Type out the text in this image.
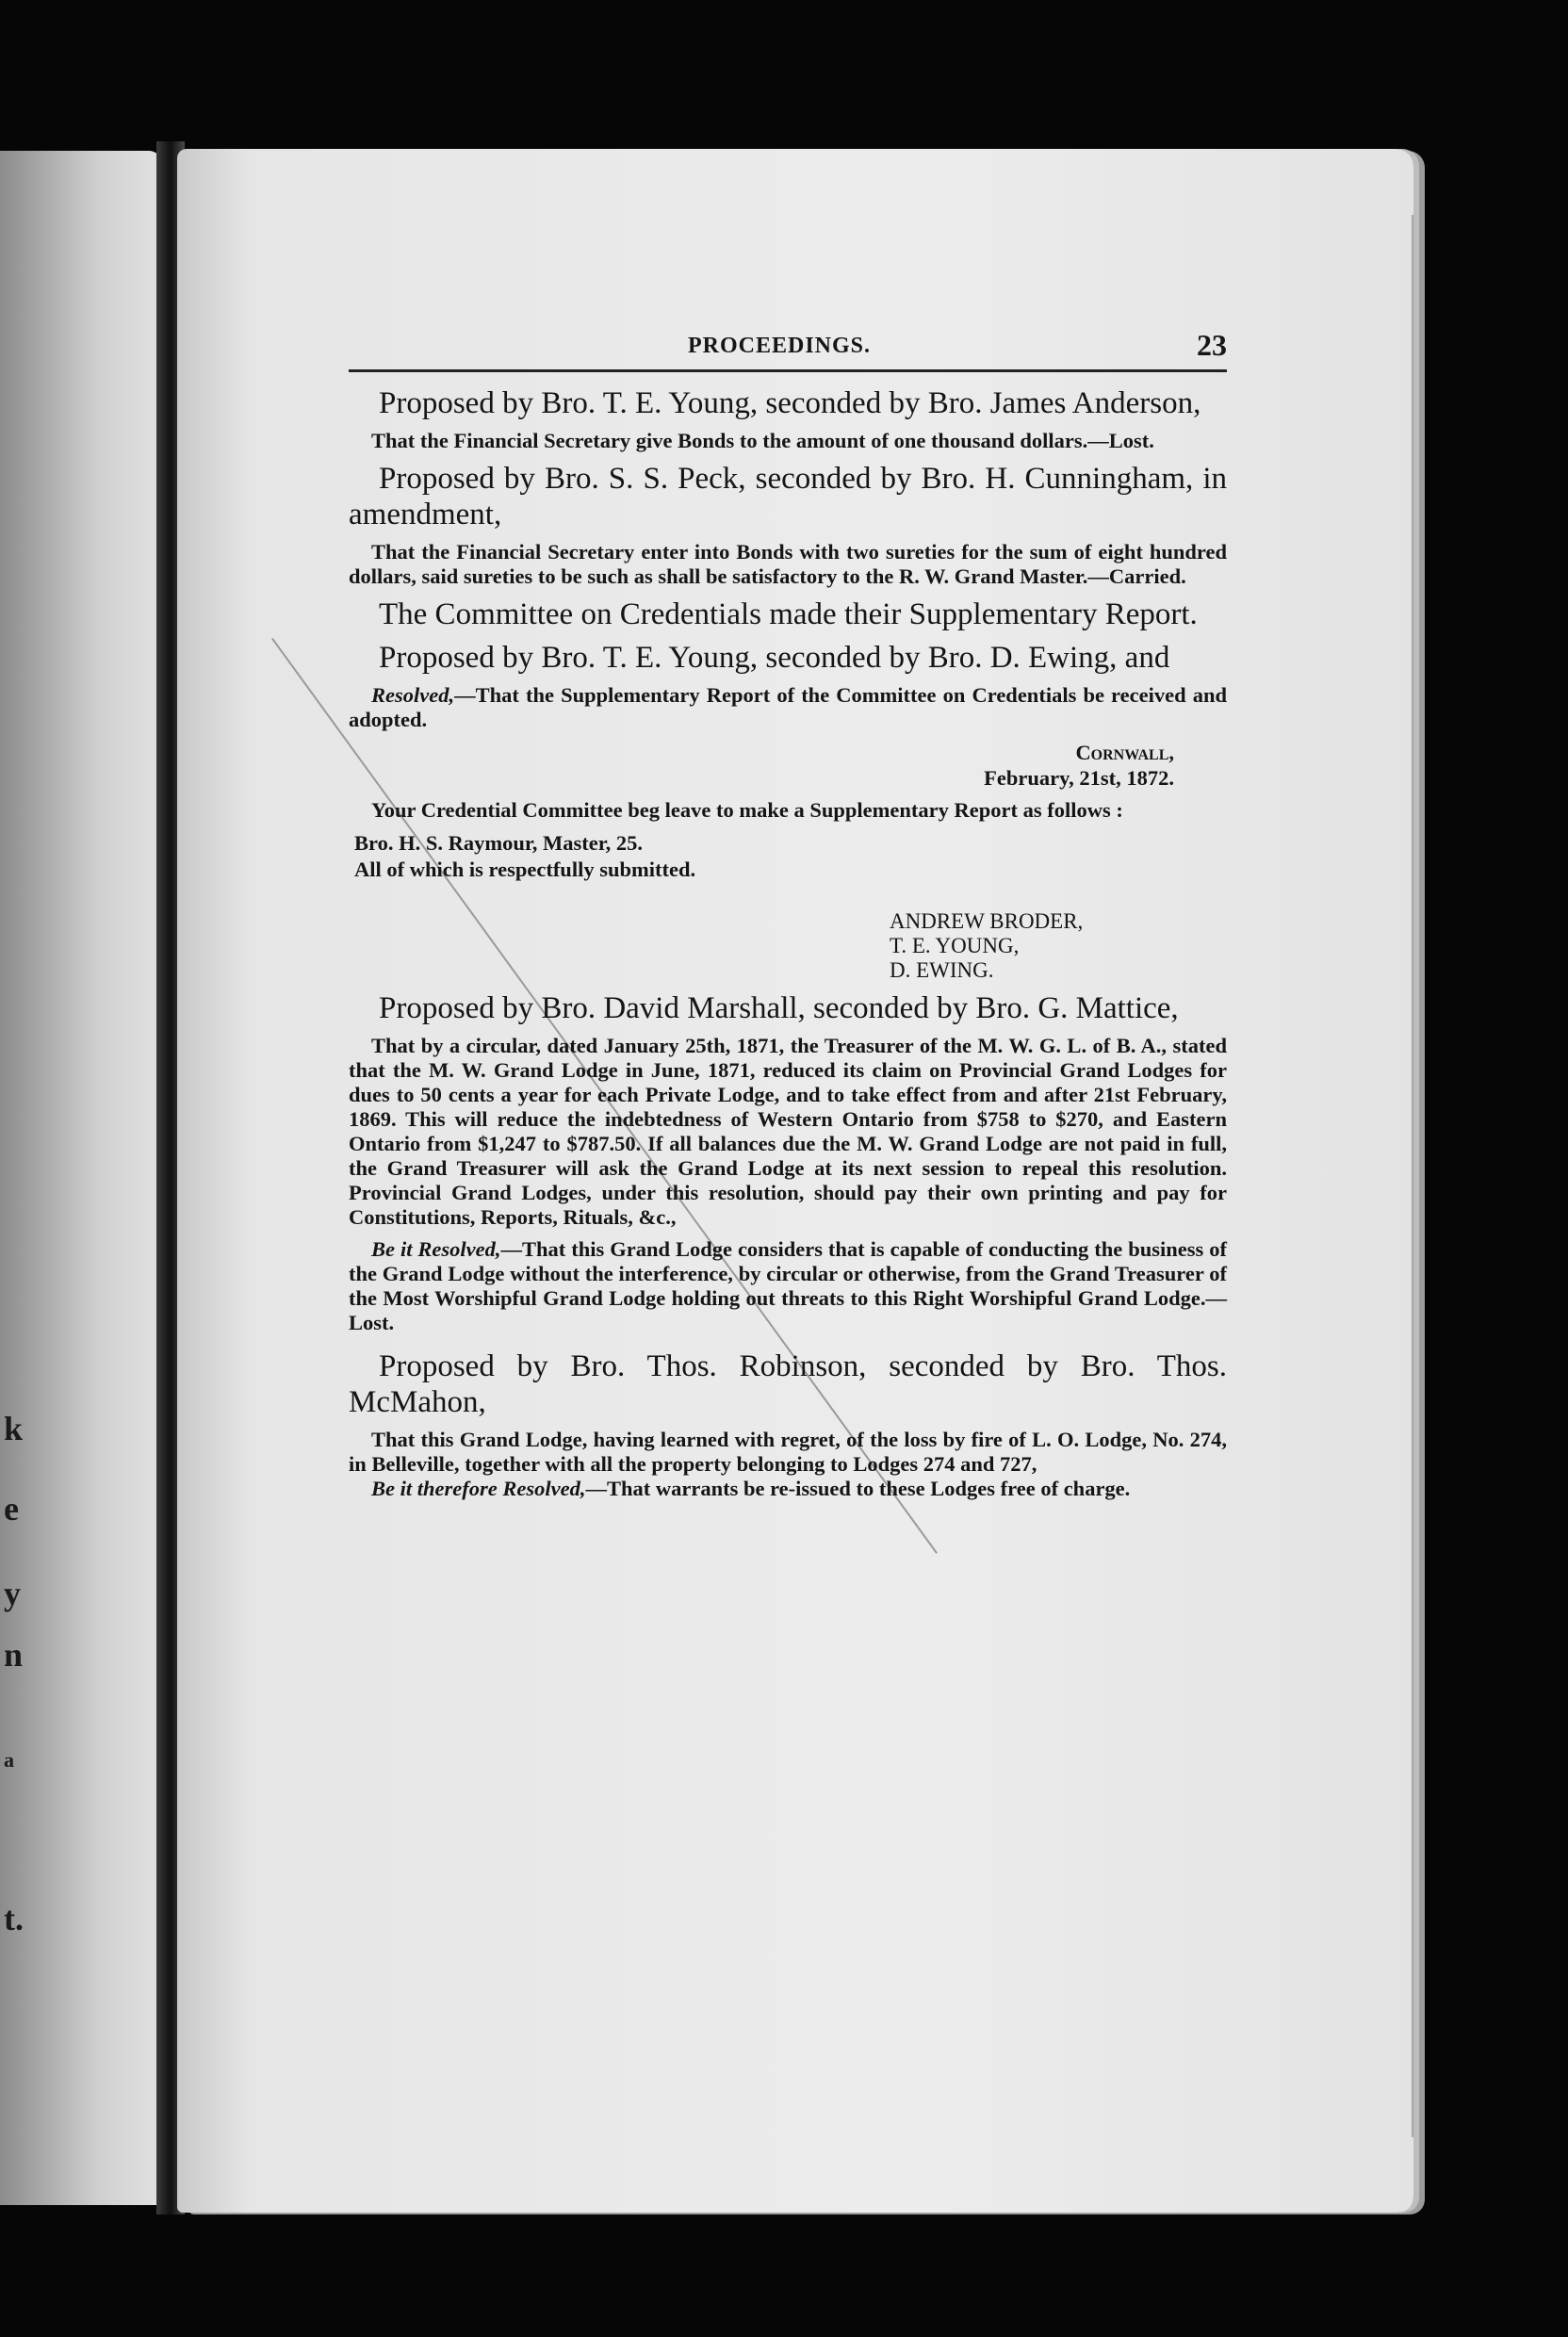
k
e
y
n
a
t.
PROCEEDINGS.	23

Proposed by Bro. T. E. Young, seconded by Bro. James Anderson,

That the Financial Secretary give Bonds to the amount of one thousand dollars.—Lost.

Proposed by Bro. S. S. Peck, seconded by Bro. H. Cunningham, in amendment,

That the Financial Secretary enter into Bonds with two sureties for the sum of eight hundred dollars, said sureties to be such as shall be satisfactory to the R. W. Grand Master.—Carried.

The Committee on Credentials made their Supplementary Report.

Proposed by Bro. T. E. Young, seconded by Bro. D. Ewing, and

Resolved,—That the Supplementary Report of the Committee on Credentials be received and adopted.

Cornwall,
February, 21st, 1872.

Your Credential Committee beg leave to make a Supplementary Report as follows :

Bro. H. S. Raymour, Master, 25.
All of which is respectfully submitted.
ANDREW BRODER,
T. E. YOUNG,
D. EWING.

Proposed by Bro. David Marshall, seconded by Bro. G. Mattice,

That by a circular, dated January 25th, 1871, the Treasurer of the M. W. G. L. of B. A., stated that the M. W. Grand Lodge in June, 1871, reduced its claim on Provincial Grand Lodges for dues to 50 cents a year for each Private Lodge, and to take effect from and after 21st February, 1869. This will reduce the indebtedness of Western Ontario from $758 to $270, and Eastern Ontario from $1,247 to $787.50. If all balances due the M. W. Grand Lodge are not paid in full, the Grand Treasurer will ask the Grand Lodge at its next session to repeal this resolution. Provincial Grand Lodges, under this resolution, should pay their own printing and pay for Constitutions, Reports, Rituals, &c.,

Be it Resolved,—That this Grand Lodge considers that is capable of conducting the business of the Grand Lodge without the interference, by circular or otherwise, from the Grand Treasurer of the Most Worshipful Grand Lodge holding out threats to this Right Worshipful Grand Lodge.—Lost.

Proposed by Bro. Thos. Robinson, seconded by Bro. Thos. McMahon,

That this Grand Lodge, having learned with regret, of the loss by fire of L. O. Lodge, No. 274, in Belleville, together with all the property belonging to Lodges 274 and 727,

Be it therefore Resolved,—That warrants be re-issued to these Lodges free of charge.
